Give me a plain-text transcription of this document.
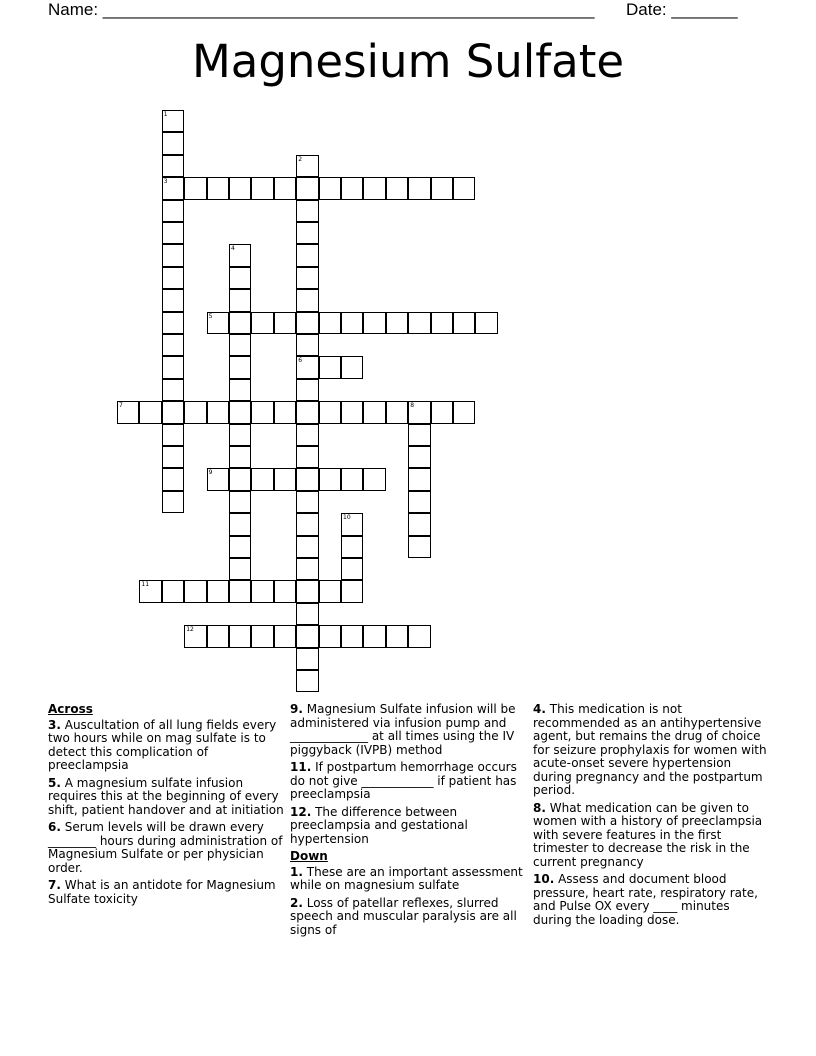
Name: ____________________________________________________ Date: _______
Magnesium Sulfate
1
3
2
6
4
5
7	8
9
10
11
12
Across
3. Auscultation of all lung fields every two hours while on mag sulfate is to detect this complication of preeclampsia
5. A magnesium sulfate infusion requires this at the beginning of every shift, patient handover and at initiation
6. Serum levels will be drawn every ________ hours during administration of Magnesium Sulfate or per physician order.
7. What is an antidote for Magnesium Sulfate toxicity
9. Magnesium Sulfate infusion will be administered via infusion pump and _____________ at all times using the IV piggyback (IVPB) method
11. If postpartum hemorrhage occurs do not give ____________ if patient has preeclampsia
12. The difference between preeclampsia and gestational hypertension
Down
1. These are an important assessment while on magnesium sulfate
2. Loss of patellar reflexes, slurred speech and muscular paralysis are all signs of
4. This medication is not recommended as an antihypertensive agent, but remains the drug of choice for seizure prophylaxis for women with acute-onset severe hypertension during pregnancy and the postpartum period.
8. What medication can be given to women with a history of preeclampsia with severe features in the first trimester to decrease the risk in the current pregnancy
10. Assess and document blood pressure, heart rate, respiratory rate, and Pulse OX every ____ minutes during the loading dose.
